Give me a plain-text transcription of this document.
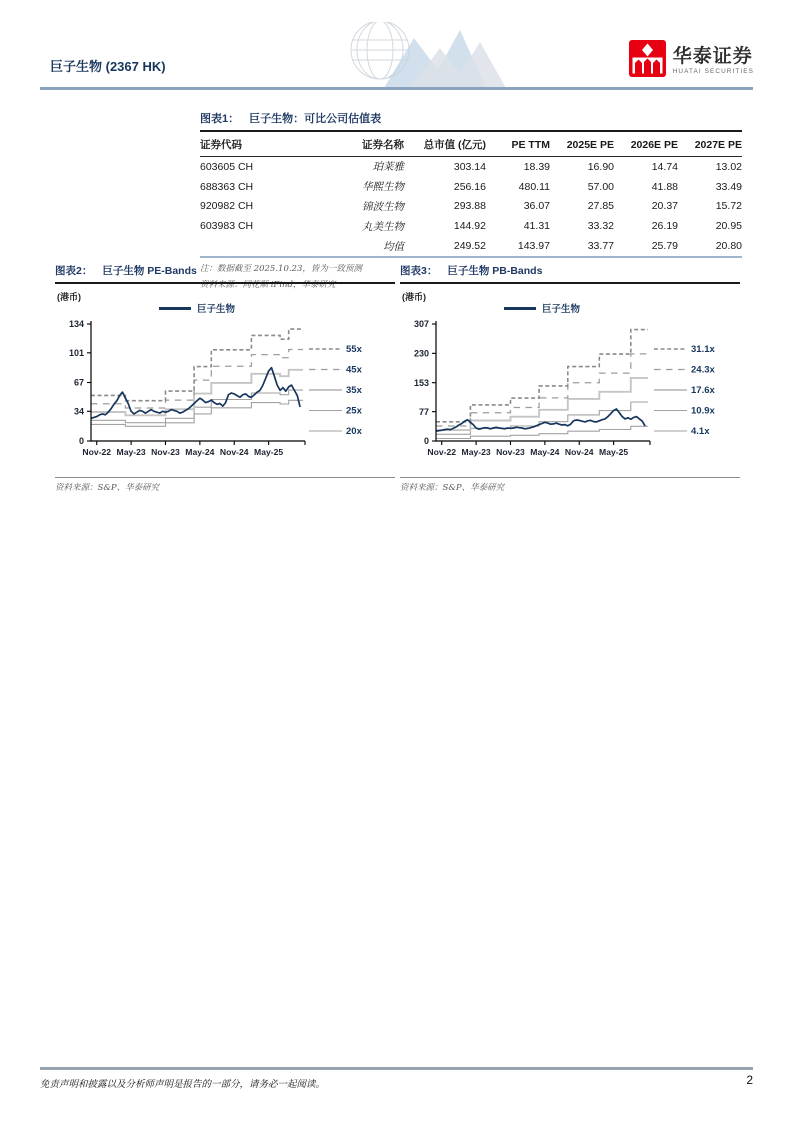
巨子生物 (2367 HK)	华泰证券
HUATAI SECURITIES
图表1： 巨子生物：可比公司估值表
证券代码	证券名称	总市值 (亿元)	PE TTM	2025E PE	2026E PE	2027E PE
603605 CH	珀莱雅	303.14	18.39	16.90	14.74	13.02
688363 CH	华熙生物	256.16	480.11	57.00	41.88	33.49
920982 CH	锦波生物	293.88	36.07	27.85	20.37	15.72
603983 CH	丸美生物	144.92	41.31	33.32	26.19	20.95
	均值	249.52	143.97	33.77	25.79	20.80
注：数据截至 2025.10.23，皆为一致预测
资料来源：同花顺 iFind，华泰研究
图表2： 巨子生物 PE-Bands
(港币)
巨子生物
0
34
67
101
134
Nov-22 May-23 Nov-23 May-24 Nov-24 May-25
55x
45x
35x
25x
20x
资料来源：S&P、华泰研究
图表3： 巨子生物 PB-Bands
(港币)
巨子生物
0
77
153
230
307
Nov-22 May-23 Nov-23 May-24 Nov-24 May-25
31.1x
24.3x
17.6x
10.9x
4.1x
资料来源：S&P、华泰研究
免责声明和披露以及分析师声明是报告的一部分，请务必一起阅读。	2
